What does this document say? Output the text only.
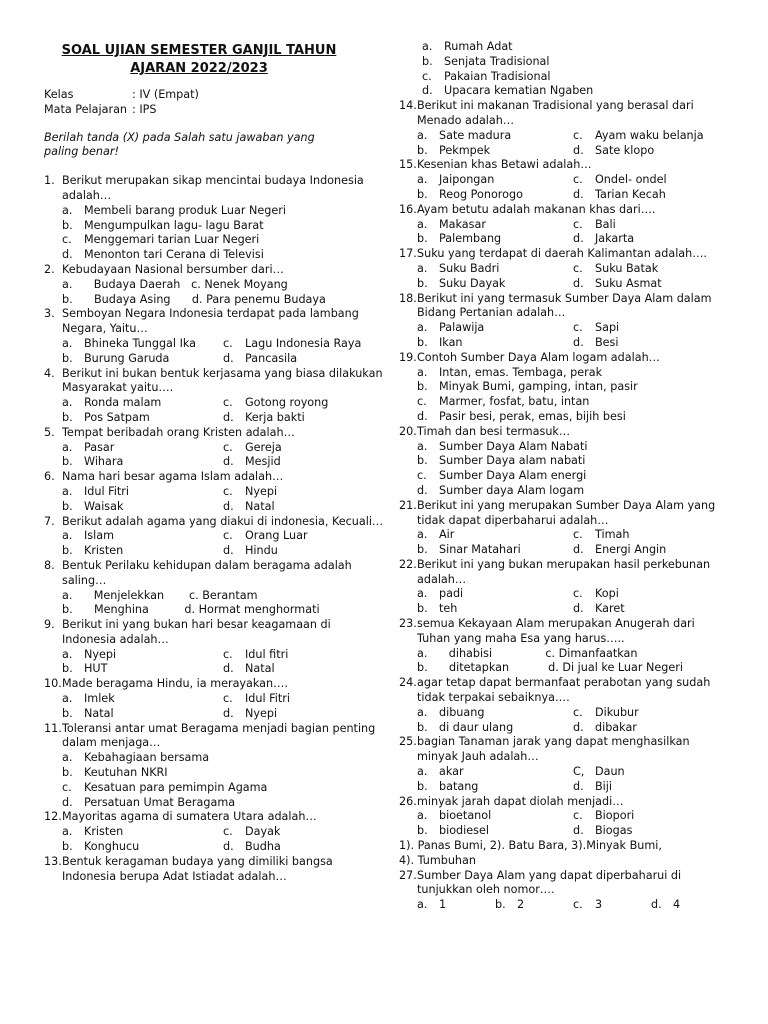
SOAL UJIAN SEMESTER GANJIL TAHUN
AJARAN 2022/2023
Kelas	: IV (Empat)
Mata Pelajaran : IPS
Berilah tanda (X) pada Salah satu jawaban yang paling benar!
1. Berikut merupakan sikap mencintai budaya Indonesia adalah…
a.	Membeli barang produk Luar Negeri
b.	Mengumpulkan lagu- lagu Barat
c.	Menggemari tarian Luar Negeri
d.	Menonton tari Cerana di Televisi
2. Kebudayaan Nasional bersumber dari…
a.      Budaya Daerah   c. Nenek Moyang
b.      Budaya Asing      d. Para penemu Budaya
3. Semboyan Negara Indonesia terdapat pada lambang Negara, Yaitu…
a.	Bhineka Tunggal Ika c.	Lagu Indonesia Raya
b.	Burung Garuda	d.	Pancasila
4. Berikut ini bukan bentuk kerjasama yang biasa dilakukan Masyarakat yaitu….
a.	Ronda malam	c.	Gotong royong
b.	Pos Satpam	d.	Kerja bakti
5. Tempat beribadah orang Kristen adalah…
a.	Pasar	c.	Gereja
b.	Wihara	d.	Mesjid
6. Nama hari besar agama Islam adalah…
a.	Idul Fitri	c.	Nyepi
b.	Waisak	d.	Natal
7. Berikut adalah agama yang diakui di indonesia, Kecuali…
a.	Islam	c.	Orang Luar
b.	Kristen	d.	Hindu
8. Bentuk Perilaku kehidupan dalam beragama adalah saling…
a.      Menjelekkan       c. Berantam
b.      Menghina          d. Hormat menghormati
9. Berikut ini yang bukan hari besar keagamaan di Indonesia adalah…
a.	Nyepi	c.	Idul fitri
b.	HUT	d.	Natal
10. Made beragama Hindu, ia merayakan….
a.	Imlek	c.	Idul Fitri
b.	Natal	d.	Nyepi
11. Toleransi antar umat Beragama menjadi bagian penting dalam menjaga…
a.	Kebahagiaan bersama
b.	Keutuhan NKRI
c.	Kesatuan para pemimpin Agama
d.	Persatuan Umat Beragama
12. Mayoritas agama di sumatera Utara adalah…
a.	Kristen	c.	Dayak
b.	Konghucu	d.	Budha
13. Bentuk keragaman budaya yang dimiliki bangsa Indonesia berupa Adat Istiadat adalah…
a.	Rumah Adat
b.	Senjata Tradisional
c.	Pakaian Tradisional
d.	Upacara kematian Ngaben
14. Berikut ini makanan Tradisional yang berasal dari Menado adalah…
a.	Sate madura	c.	Ayam waku belanja
b.	Pekmpek	d.	Sate klopo
15. Kesenian khas Betawi adalah…
a.	Jaipongan	c.	Ondel- ondel
b.	Reog Ponorogo	d.	Tarian Kecah
16. Ayam betutu adalah makanan khas dari….
a.	Makasar	c.	Bali
b.	Palembang	d.	Jakarta
17. Suku yang terdapat di daerah Kalimantan adalah….
a.	Suku Badri	c.	Suku Batak
b.	Suku Dayak	d.	Suku Asmat
18. Berikut ini yang termasuk Sumber Daya Alam dalam Bidang Pertanian adalah…
a.	Palawija	c.	Sapi
b.	Ikan	d.	Besi
19. Contoh Sumber Daya Alam logam adalah…
a.	Intan, emas. Tembaga, perak
b.	Minyak Bumi, gamping, intan, pasir
c.	Marmer, fosfat, batu, intan
d.	Pasir besi, perak, emas, bijih besi
20. Timah dan besi termasuk…
a.	Sumber Daya Alam Nabati
b.	Sumber Daya alam nabati
c.	Sumber Daya Alam energi
d.	Sumber daya Alam logam
21. Berikut ini yang merupakan Sumber Daya Alam yang tidak dapat diperbaharui adalah…
a.	Air	c.	Timah
b.	Sinar Matahari	d.	Energi Angin
22. Berikut ini yang bukan merupakan hasil perkebunan adalah…
a.	padi	c.	Kopi
b.	teh	d.	Karet
23. semua Kekayaan Alam merupakan Anugerah dari Tuhan yang maha Esa yang harus…..
a.      dihabisi               c. Dimanfaatkan
b.      ditetapkan           d. Di jual ke Luar Negeri
24. agar tetap dapat bermanfaat perabotan yang sudah tidak terpakai sebaiknya….
a.	dibuang	c.	Dikubur
b.	di daur ulang	d.	dibakar
25. bagian Tanaman jarak yang dapat menghasilkan minyak Jauh adalah…
a.	akar	C, Daun
b.	batang	d.	Biji
26. minyak jarah dapat diolah menjadi…
a.	bioetanol	c.	Biopori
b.	biodiesel	d.	Biogas
1). Panas Bumi, 2). Batu Bara, 3).Minyak Bumi,
4). Tumbuhan
27. Sumber Daya Alam yang dapat diperbaharui di tunjukkan oleh nomor….
a.	1	b.	2	c.	3	d.	4
